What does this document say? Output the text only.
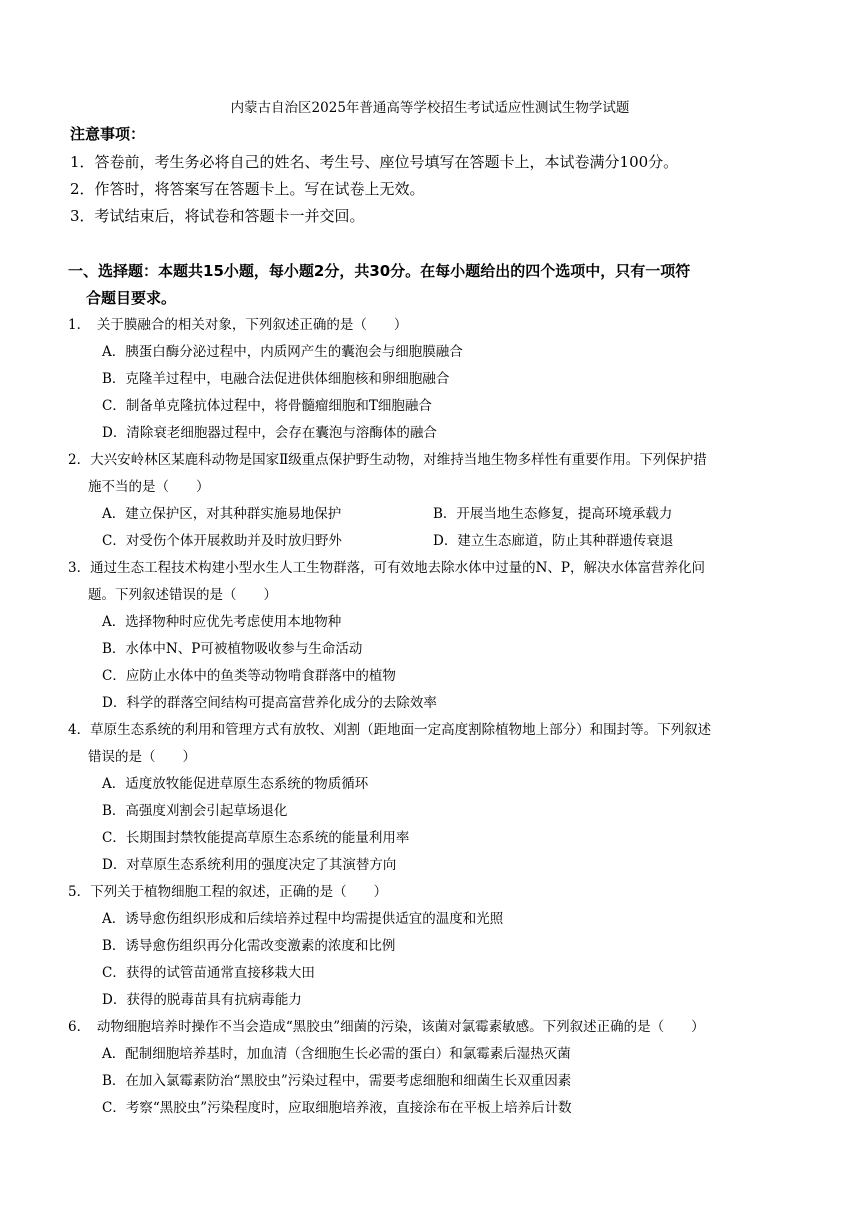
内蒙古自治区2025年普通高等学校招生考试适应性测试生物学试题
注意事项：
1．答卷前，考生务必将自己的姓名、考生号、座位号填写在答题卡上，本试卷满分100分。
2．作答时，将答案写在答题卡上。写在试卷上无效。
3．考试结束后，将试卷和答题卡一并交回。
一、选择题：本题共15小题，每小题2分，共30分。在每小题给出的四个选项中，只有一项符
合题目要求。
1．　关于膜融合的相关对象，下列叙述正确的是（　　）
A．胰蛋白酶分泌过程中，内质网产生的囊泡会与细胞膜融合
B．克隆羊过程中，电融合法促进供体细胞核和卵细胞融合
C．制备单克隆抗体过程中，将骨髓瘤细胞和T细胞融合
D．清除衰老细胞器过程中，会存在囊泡与溶酶体的融合
2．大兴安岭林区某鹿科动物是国家Ⅱ级重点保护野生动物，对维持当地生物多样性有重要作用。下列保护措
施不当的是（　　）
A．建立保护区，对其种群实施易地保护	B．开展当地生态修复，提高环境承载力
C．对受伤个体开展救助并及时放归野外	D．建立生态廊道，防止其种群遗传衰退
3．通过生态工程技术构建小型水生人工生物群落，可有效地去除水体中过量的N、P，解决水体富营养化问
题。下列叙述错误的是（　　）
A．选择物种时应优先考虑使用本地物种
B．水体中N、P可被植物吸收参与生命活动
C．应防止水体中的鱼类等动物啃食群落中的植物
D．科学的群落空间结构可提高富营养化成分的去除效率
4．草原生态系统的利用和管理方式有放牧、刈割（距地面一定高度割除植物地上部分）和围封等。下列叙述
错误的是（　　）
A．适度放牧能促进草原生态系统的物质循环
B．高强度刈割会引起草场退化
C．长期围封禁牧能提高草原生态系统的能量利用率
D．对草原生态系统利用的强度决定了其演替方向
5．下列关于植物细胞工程的叙述，正确的是（　　）
A．诱导愈伤组织形成和后续培养过程中均需提供适宜的温度和光照
B．诱导愈伤组织再分化需改变激素的浓度和比例
C．获得的试管苗通常直接移栽大田
D．获得的脱毒苗具有抗病毒能力
6．　动物细胞培养时操作不当会造成“黑胶虫”细菌的污染，该菌对氯霉素敏感。下列叙述正确的是（　　）
A．配制细胞培养基时，加血清（含细胞生长必需的蛋白）和氯霉素后湿热灭菌
B．在加入氯霉素防治“黑胶虫”污染过程中，需要考虑细胞和细菌生长双重因素
C．考察“黑胶虫”污染程度时，应取细胞培养液，直接涂布在平板上培养后计数
